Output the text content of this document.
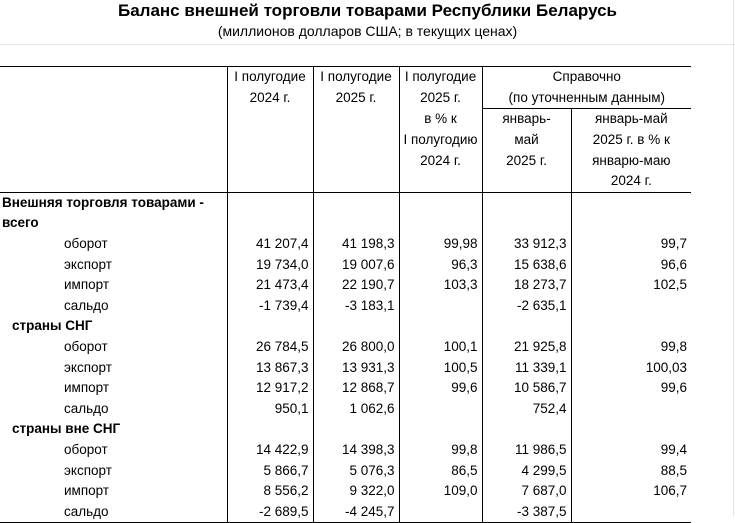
Баланс внешней торговли товарами Республики Беларусь
(миллионов долларов США; в текущих ценах)
	I полугодие	I полугодие	I полугодие	Справочно	
	2024 г.	2025 г.	2025 г.	(по уточненным данным)	
			в % к	январь-	январь-май
			I полугодию	май	2025 г. в % к
			2024 г.	2025 г.	январю-маю
					2024 г.
Внешняя торговля товарами -					
всего					
оборот	41 207,4	41 198,3	99,98	33 912,3	99,7
экспорт	19 734,0	19 007,6	96,3	15 638,6	96,6
импорт	21 473,4	22 190,7	103,3	18 273,7	102,5
сальдо	-1 739,4	-3 183,1		-2 635,1	
страны СНГ					
оборот	26 784,5	26 800,0	100,1	21 925,8	99,8
экспорт	13 867,3	13 931,3	100,5	11 339,1	100,03
импорт	12 917,2	12 868,7	99,6	10 586,7	99,6
сальдо	950,1	1 062,6		752,4	
страны вне СНГ					
оборот	14 422,9	14 398,3	99,8	11 986,5	99,4
экспорт	5 866,7	5 076,3	86,5	4 299,5	88,5
импорт	8 556,2	9 322,0	109,0	7 687,0	106,7
сальдо	-2 689,5	-4 245,7		-3 387,5	
